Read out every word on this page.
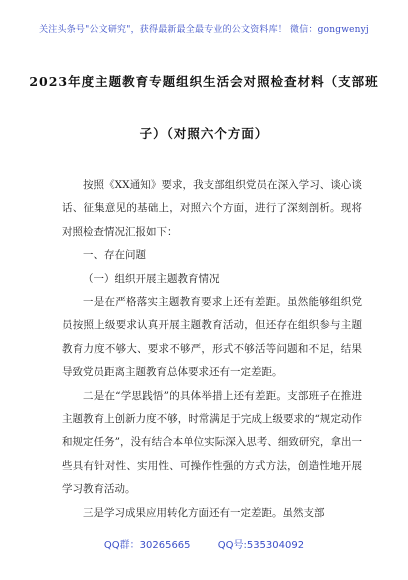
关注头条号"公文研究"，获得最新最全最专业的公文资料库！ 微信：gongwenyj
2023年度主题教育专题组织生活会对照检查材料（支部班
子）（对照六个方面）

按照《XX通知》要求，我支部组织党员在深入学习、谈心谈话、征集意见的基础上，对照六个方面，进行了深刻剖析。现将对照检查情况汇报如下：

一、存在问题

（一）组织开展主题教育情况

一是在严格落实主题教育要求上还有差距。虽然能够组织党员按照上级要求认真开展主题教育活动，但还存在组织参与主题教育力度不够大、要求不够严，形式不够活等问题和不足，结果导致党员距离主题教育总体要求还有一定差距。

二是在“学思践悟”的具体举措上还有差距。支部班子在推进主题教育上创新力度不够，时常满足于完成上级要求的“规定动作和规定任务”，没有结合本单位实际深入思考、细致研究，拿出一些具有针对性、实用性、可操作性强的方式方法，创造性地开展学习教育活动。

三是学习成果应用转化方面还有一定差距。虽然支部

QQ群：30265665	QQ号:535304092
